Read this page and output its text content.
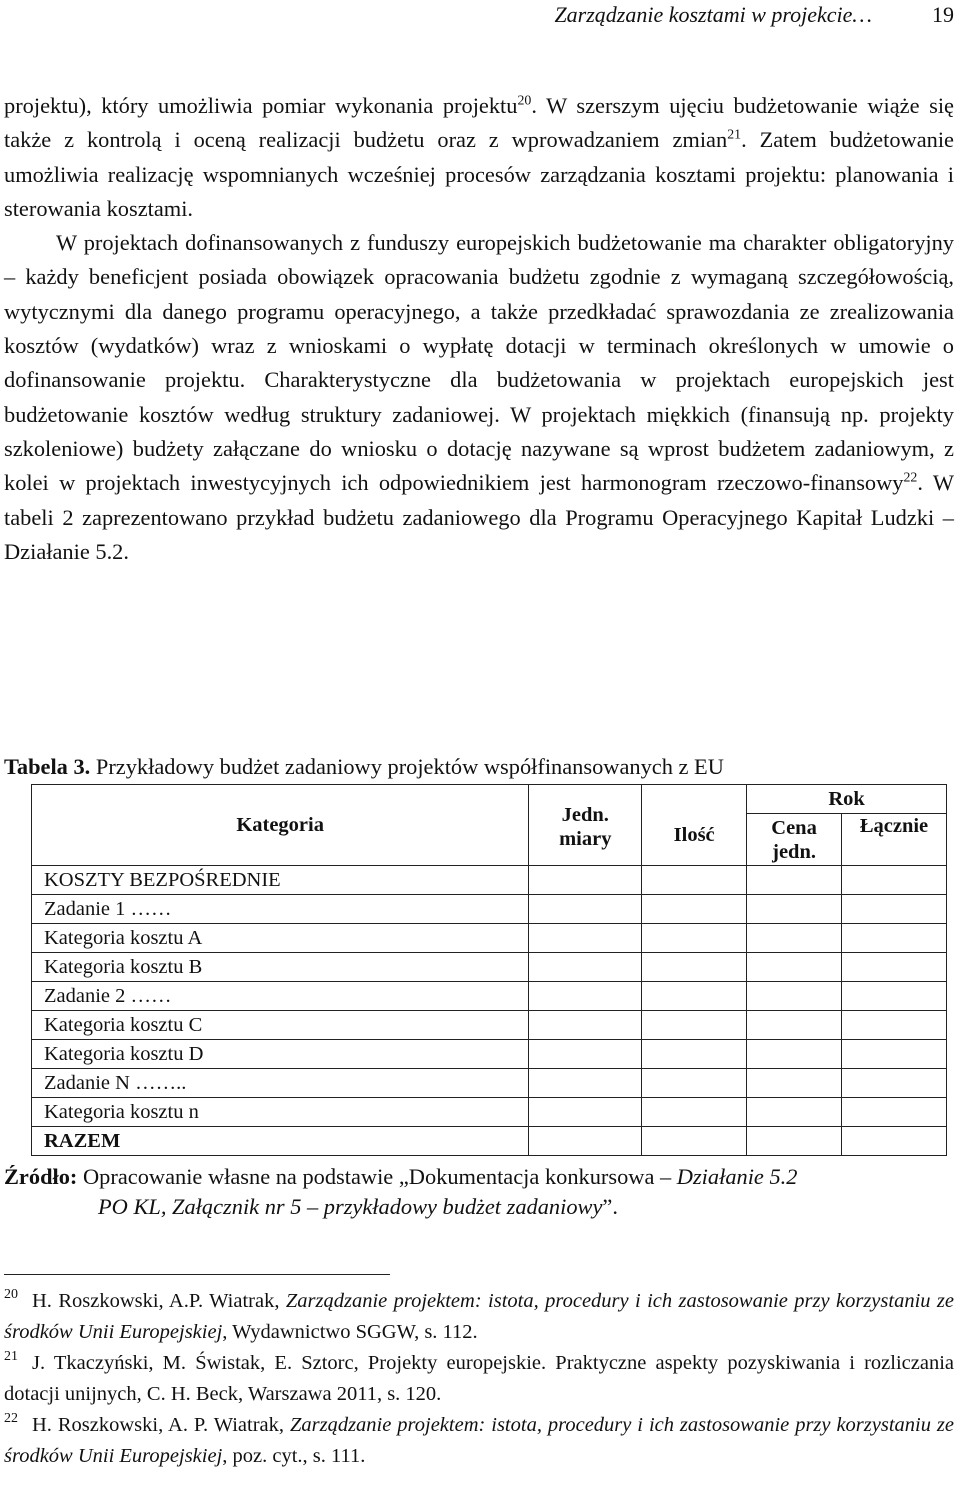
Zarządzanie kosztami w projekcie…	19

projektu), który umożliwia pomiar wykonania projektu$^{20}$. W szerszym ujęciu budżetowanie wiąże się także z kontrolą i oceną realizacji budżetu oraz z wprowadzaniem zmian$^{21}$. Zatem budżetowanie umożliwia realizację wspomnianych wcześniej procesów zarządzania kosztami projektu: planowania i sterowania kosztami.

W projektach dofinansowanych z funduszy europejskich budżetowanie ma charakter obligatoryjny – każdy beneficjent posiada obowiązek opracowania budżetu zgodnie z wymaganą szczegółowością, wytycznymi dla danego programu operacyjnego, a także przedkładać sprawozdania ze zrealizowania kosztów (wydatków) wraz z wnioskami o wypłatę dotacji w terminach określonych w umowie o dofinansowanie projektu. Charakterystyczne dla budżetowania w projektach europejskich jest budżetowanie kosztów według struktury zadaniowej. W projektach miękkich (finansują np. projekty szkoleniowe) budżety załączane do wniosku o dotację nazywane są wprost budżetem zadaniowym, z kolei w projektach inwestycyjnych ich odpowiednikiem jest harmonogram rzeczowo-finansowy$^{22}$. W tabeli 2 zaprezentowano przykład budżetu zadaniowego dla Programu Operacyjnego Kapitał Ludzki – Działanie 5.2.

Tabela 3. Przykładowy budżet zadaniowy projektów współfinansowanych z EU
Kategoria	Jedn. miary	Ilość	Rok	

			Cena jedn.	Łącznie
KOSZTY BEZPOŚREDNIE				
Zadanie 1 ……				
Kategoria kosztu A				
Kategoria kosztu B				
Zadanie 2 ……				
Kategoria kosztu C				
Kategoria kosztu D				
Zadanie N ……..				
Kategoria kosztu n				
RAZEM				
Źródło: Opracowanie własne na podstawie „Dokumentacja konkursowa – Działanie 5.2
PO KL, Załącznik nr 5 – przykładowy budżet zadaniowy”.

$^{20}$ H. Roszkowski, A.P. Wiatrak, Zarządzanie projektem: istota, procedury i ich zastosowanie przy korzystaniu ze środków Unii Europejskiej, Wydawnictwo SGGW, s. 112.

$^{21}$ J. Tkaczyński, M. Świstak, E. Sztorc, Projekty europejskie. Praktyczne aspekty pozyskiwania i rozliczania dotacji unijnych, C. H. Beck, Warszawa 2011, s. 120.

$^{22}$ H. Roszkowski, A. P. Wiatrak, Zarządzanie projektem: istota, procedury i ich zastosowanie przy korzystaniu ze środków Unii Europejskiej, poz. cyt., s. 111.
